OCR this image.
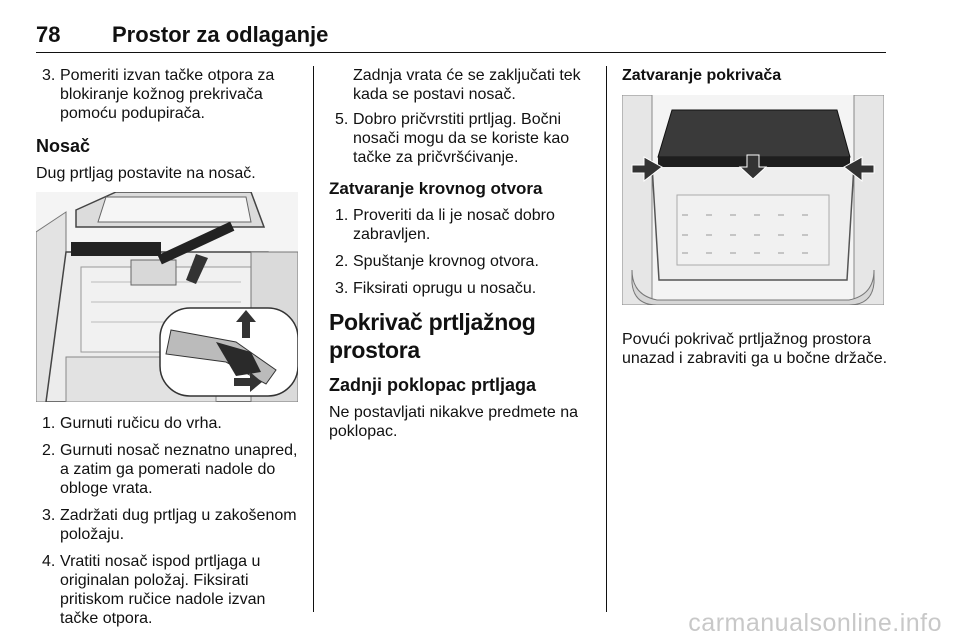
78 Prostor za odlaganje
3. Pomeriti izvan tačke otpora za blokiranje kožnog prekrivača pomoću podupirača.
Nosač

Dug prtljag postavite na nosač.

1. Gurnuti ručicu do vrha.
2. Gurnuti nosač neznatno unapred, a zatim ga pomerati nadole do obloge vrata.
3. Zadržati dug prtljag u zakošenom položaju.
4. Vratiti nosač ispod prtljaga u originalan položaj. Fiksirati pritiskom ručice nadole izvan tačke otpora.

Zadnja vrata će se zaključati tek kada se postavi nosač.

5. Dobro pričvrstiti prtljag. Bočni nosači mogu da se koriste kao tačke za pričvršćivanje.
Zatvaranje krovnog otvora
1. Proveriti da li je nosač dobro zabravljen.
2. Spuštanje krovnog otvora.
3. Fiksirati oprugu u nosaču.
Pokrivač prtljažnog prostora
Zadnji poklopac prtljaga

Ne postavljati nikakve predmete na poklopac.

Zatvaranje pokrivača

Povući pokrivač prtljažnog prostora unazad i zabraviti ga u bočne držače.

carmanualsonline.info
